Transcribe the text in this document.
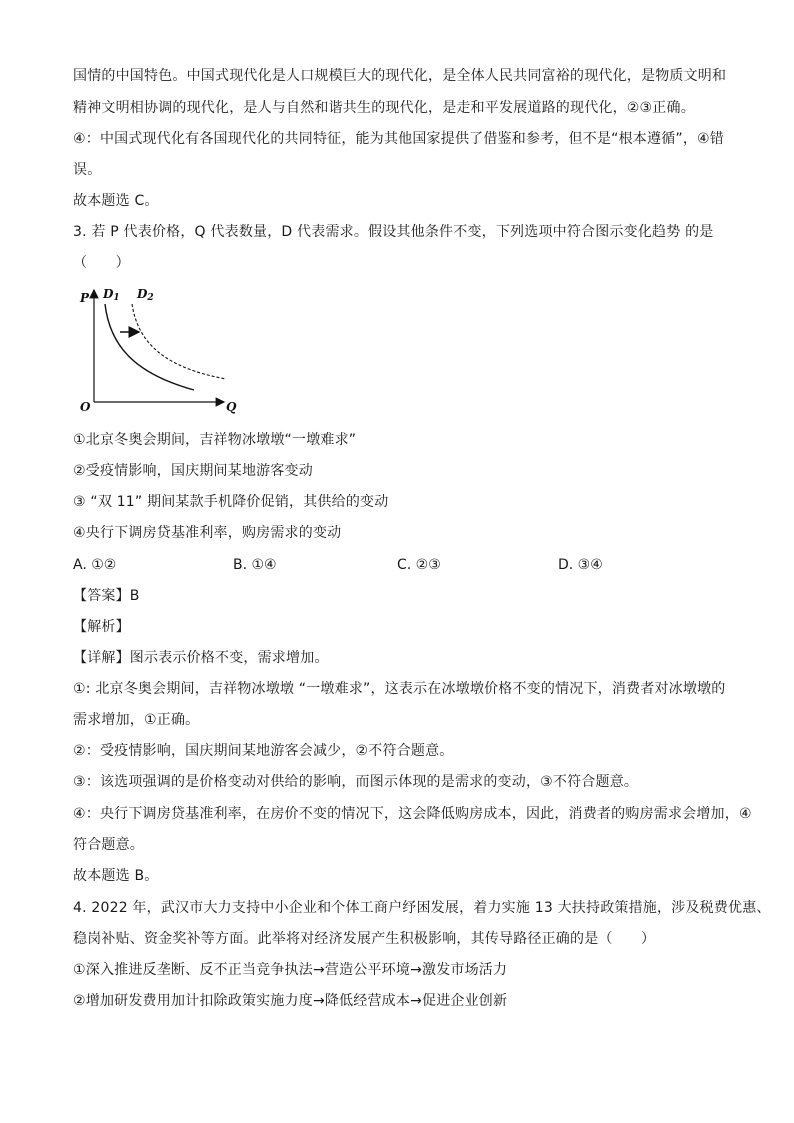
国情的中国特色。中国式现代化是人口规模巨大的现代化，是全体人民共同富裕的现代化，是物质文明和
精神文明相协调的现代化，是人与自然和谐共生的现代化，是走和平发展道路的现代化，②③正确。
④：中国式现代化有各国现代化的共同特征，能为其他国家提供了借鉴和参考，但不是“根本遵循”，④错
误。
故本题选 C。
3. 若 P 代表价格，Q 代表数量，D 代表需求。假设其他条件不变，下列选项中符合图示变化趋势 的是
（　　）
P
Q
O
D1 D2
①北京冬奥会期间，吉祥物冰墩墩“一墩难求”
②受疫情影响，国庆期间某地游客变动
③ “双 11” 期间某款手机降价促销，其供给的变动
④央行下调房贷基准利率，购房需求的变动
A. ①②	B. ①④	C. ②③	D. ③④
【答案】B
【解析】
【详解】图示表示价格不变，需求增加。
①: 北京冬奥会期间，吉祥物冰墩墩 “一墩难求”，这表示在冰墩墩价格不变的情况下，消费者对冰墩墩的
需求增加，①正确。
②：受疫情影响，国庆期间某地游客会减少，②不符合题意。
③：该选项强调的是价格变动对供给的影响，而图示体现的是需求的变动，③不符合题意。
④：央行下调房贷基准利率，在房价不变的情况下，这会降低购房成本，因此，消费者的购房需求会增加，④
符合题意。
故本题选 B。
4. 2022 年，武汉市大力支持中小企业和个体工商户纾困发展，着力实施 13 大扶持政策措施，涉及税费优惠、
稳岗补贴、资金奖补等方面。此举将对经济发展产生积极影响，其传导路径正确的是（　　）
①深入推进反垄断、反不正当竞争执法→营造公平环境→激发市场活力
②增加研发费用加计扣除政策实施力度→降低经营成本→促进企业创新
